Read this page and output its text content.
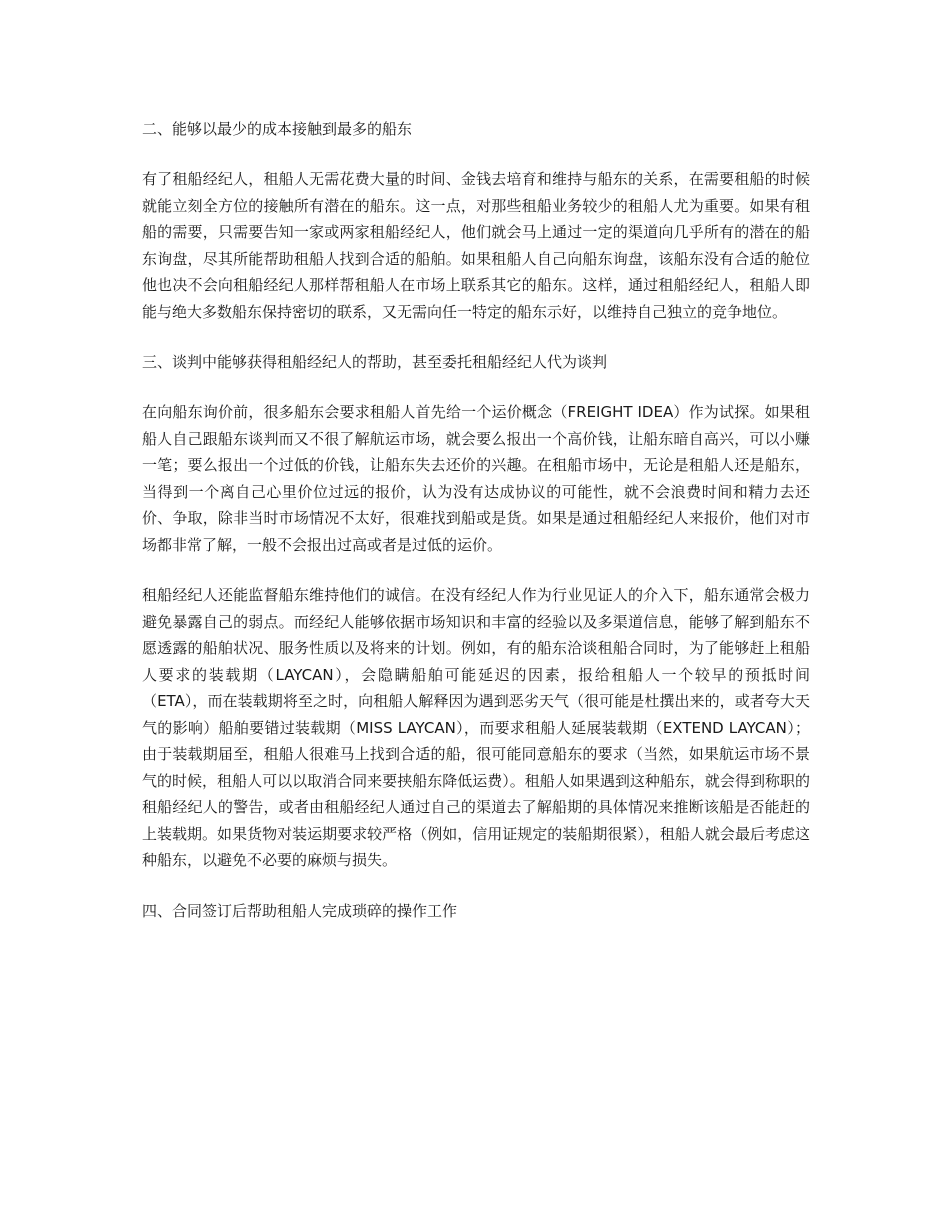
二、能够以最少的成本接触到最多的船东
有了租船经纪人，租船人无需花费大量的时间、金钱去培育和维持与船东的关系，在需要租船的时候就能立刻全方位的接触所有潜在的船东。这一点，对那些租船业务较少的租船人尤为重要。如果有租船的需要，只需要告知一家或两家租船经纪人，他们就会马上通过一定的渠道向几乎所有的潜在的船东询盘，尽其所能帮助租船人找到合适的船舶。如果租船人自己向船东询盘，该船东没有合适的舱位他也决不会向租船经纪人那样帮租船人在市场上联系其它的船东。这样，通过租船经纪人，租船人即能与绝大多数船东保持密切的联系，又无需向任一特定的船东示好，以维持自己独立的竞争地位。
三、谈判中能够获得租船经纪人的帮助，甚至委托租船经纪人代为谈判
在向船东询价前，很多船东会要求租船人首先给一个运价概念（FREIGHT IDEA）作为试探。如果租船人自己跟船东谈判而又不很了解航运市场，就会要么报出一个高价钱，让船东暗自高兴，可以小赚一笔；要么报出一个过低的价钱，让船东失去还价的兴趣。在租船市场中，无论是租船人还是船东，当得到一个离自己心里价位过远的报价，认为没有达成协议的可能性，就不会浪费时间和精力去还价、争取，除非当时市场情况不太好，很难找到船或是货。如果是通过租船经纪人来报价，他们对市场都非常了解，一般不会报出过高或者是过低的运价。
租船经纪人还能监督船东维持他们的诚信。在没有经纪人作为行业见证人的介入下，船东通常会极力避免暴露自己的弱点。而经纪人能够依据市场知识和丰富的经验以及多渠道信息，能够了解到船东不愿透露的船舶状况、服务性质以及将来的计划。例如，有的船东洽谈租船合同时，为了能够赶上租船人要求的装载期（LAYCAN），会隐瞒船舶可能延迟的因素，报给租船人一个较早的预抵时间（ETA），而在装载期将至之时，向租船人解释因为遇到恶劣天气（很可能是杜撰出来的，或者夸大天气的影响）船舶要错过装载期（MISS LAYCAN），而要求租船人延展装载期（EXTEND LAYCAN）；由于装载期届至，租船人很难马上找到合适的船，很可能同意船东的要求（当然，如果航运市场不景气的时候，租船人可以以取消合同来要挟船东降低运费）。租船人如果遇到这种船东，就会得到称职的租船经纪人的警告，或者由租船经纪人通过自己的渠道去了解船期的具体情况来推断该船是否能赶的上装载期。如果货物对装运期要求较严格（例如，信用证规定的装船期很紧），租船人就会最后考虑这种船东，以避免不必要的麻烦与损失。
四、合同签订后帮助租船人完成琐碎的操作工作
